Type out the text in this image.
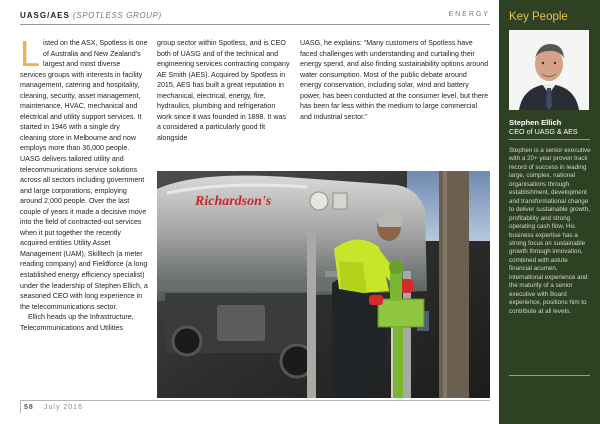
UASG/AES (SPOTLESS GROUP)	ENERGY

Listed on the ASX, Spotless is one of Australia and New Zealand’s largest and most diverse services groups with interests in facility management, catering and hospitality, cleaning, security, asset management, maintenance, HVAC, mechanical and electrical and utility support services. It started in 1946 with a single dry cleaning store in Melbourne and now employs more than 36,000 people. UASG delivers tailored utility and telecommunications service solutions across all sectors including government and large corporations, employing around 2,000 people. Over the last couple of years it made a decisive move into the field of contracted-out services when it put together the recently acquired entities Utility Asset Management (UAM), Skilltech (a meter reading company) and Fieldforce (a long established energy efficiency specialist) under the leadership of Stephen Ellich, a seasoned CEO with long experience in the telecommunications sector.

Ellich heads up the Infrastructure, Telecommunications and Utilities

group sector within Spotless, and is CEO both of UASG and of the technical and engineering services contracting company AE Smith (AES). Acquired by Spotless in 2015, AES has built a great reputation in mechanical, electrical, energy, fire, hydraulics, plumbing and refrigeration work since it was founded in 1898. It was a considered a particularly good fit alongside

UASG, he explains: “Many customers of Spotless have faced challenges with understanding and curtailing their energy spend, and also finding sustainability options around water consumption. Most of the public debate around energy conservation, including solar, wind and battery power, has been conducted at the consumer level, but there has been far less within the medium to large commercial and industrial sector.”

Richardson's
58 July 2016
Key People
Stephen Ellich
CEO of UASG & AES
Stephen is a senior executive with a 20+ year proven track record of success in leading large, complex, national organisations through establishment, development and transformational change to deliver sustainable growth, profitability and strong operating cash flow. His business expertise has a strong focus on sustainable growth through innovation, combined with astute financial acumen, international experience and the maturity of a senior executive with Board experience, positions him to contribute at all levels.
